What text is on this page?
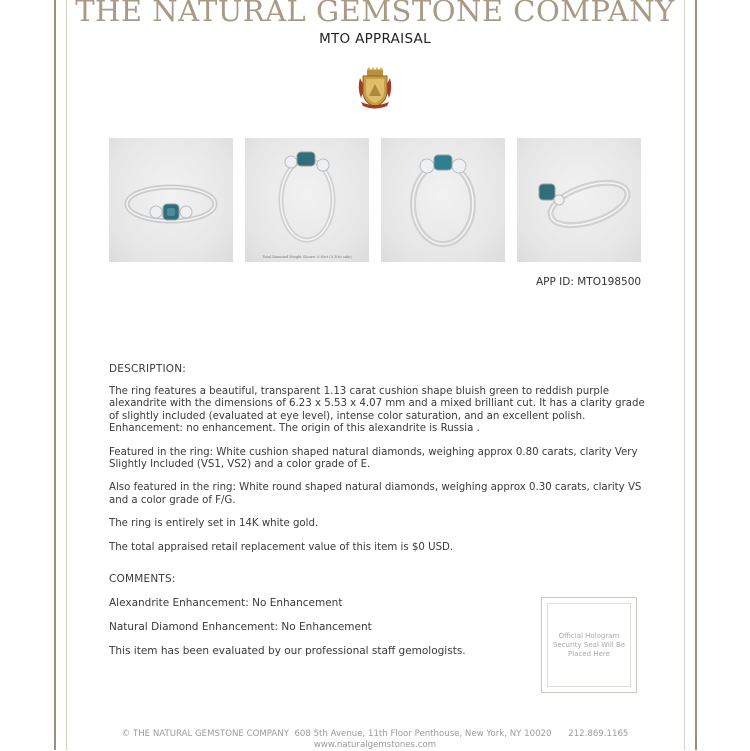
THE NATURAL GEMSTONE COMPANY
MTO APPRAISAL
Total Diamond Weight Shown: 0.80ct (0.30ct side)
APP ID: MTO198500
DESCRIPTION:

The ring features a beautiful, transparent 1.13 carat cushion shape bluish green to reddish purple alexandrite with the dimensions of 6.23 x 5.53 x 4.07 mm and a mixed brilliant cut. It has a clarity grade of slightly included (evaluated at eye level), intense color saturation, and an excellent polish. Enhancement: no enhancement. The origin of this alexandrite is Russia .

Featured in the ring: White cushion shaped natural diamonds, weighing approx 0.80 carats, clarity Very Slightly Included (VS1, VS2) and a color grade of E.

Also featured in the ring: White round shaped natural diamonds, weighing approx 0.30 carats, clarity VS and a color grade of F/G.

The ring is entirely set in 14K white gold.

The total appraised retail replacement value of this item is $0 USD.

COMMENTS:

Alexandrite Enhancement: No Enhancement

Natural Diamond Enhancement: No Enhancement

This item has been evaluated by our professional staff gemologists.

Official Hologram Security Seal Will Be Placed Here
© THE NATURAL GEMSTONE COMPANY 608 5th Avenue, 11th Floor Penthouse, New York, NY 10020 212.869.1165
www.naturalgemstones.com
